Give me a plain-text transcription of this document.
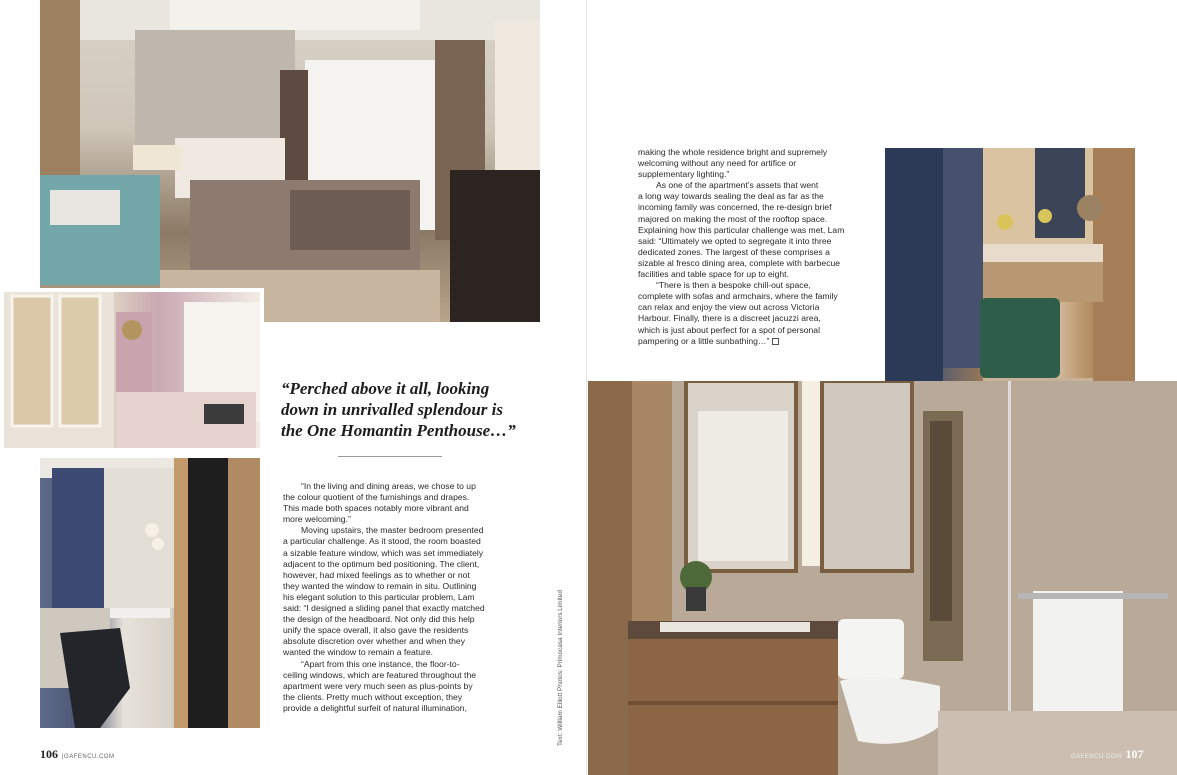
“Perched above it all, looking
down in unrivalled splendour is
the One Homantin Penthouse…”
“In the living and dining areas, we chose to up
the colour quotient of the furnishings and drapes.
This made both spaces notably more vibrant and
more welcoming.”
Moving upstairs, the master bedroom presented
a particular challenge. As it stood, the room boasted
a sizable feature window, which was set immediately
adjacent to the optimum bed positioning. The client,
however, had mixed feelings as to whether or not
they wanted the window to remain in situ. Outlining
his elegant solution to this particular problem, Lam
said: “I designed a sliding panel that exactly matched
the design of the headboard. Not only did this help
unify the space overall, it also gave the residents
absolute discretion over whether and when they
wanted the window to remain a feature.
“Apart from this one instance, the floor-to-
ceiling windows, which are featured throughout the
apartment were very much seen as plus-points by
the clients. Pretty much without exception, they
provide a delightful surfeit of natural illumination,	Text: William Elliott Photos: Primocasa Interiors Limited
making the whole residence bright and supremely
welcoming without any need for artifice or
supplementary lighting.”
As one of the apartment’s assets that went
a long way towards sealing the deal as far as the
incoming family was concerned, the re-design brief
majored on making the most of the rooftop space.
Explaining how this particular challenge was met, Lam
said: “Ultimately we opted to segregate it into three
dedicated zones. The largest of these comprises a
sizable al fresco dining area, complete with barbecue
facilities and table space for up to eight.
“There is then a bespoke chill-out space,
complete with sofas and armchairs, where the family
can relax and enjoy the view out across Victoria
Harbour. Finally, there is a discreet jacuzzi area,
which is just about perfect for a spot of personal
pampering or a little sunbathing…”
106 |GAFENCU.COM	GAFENCU.COM 107
